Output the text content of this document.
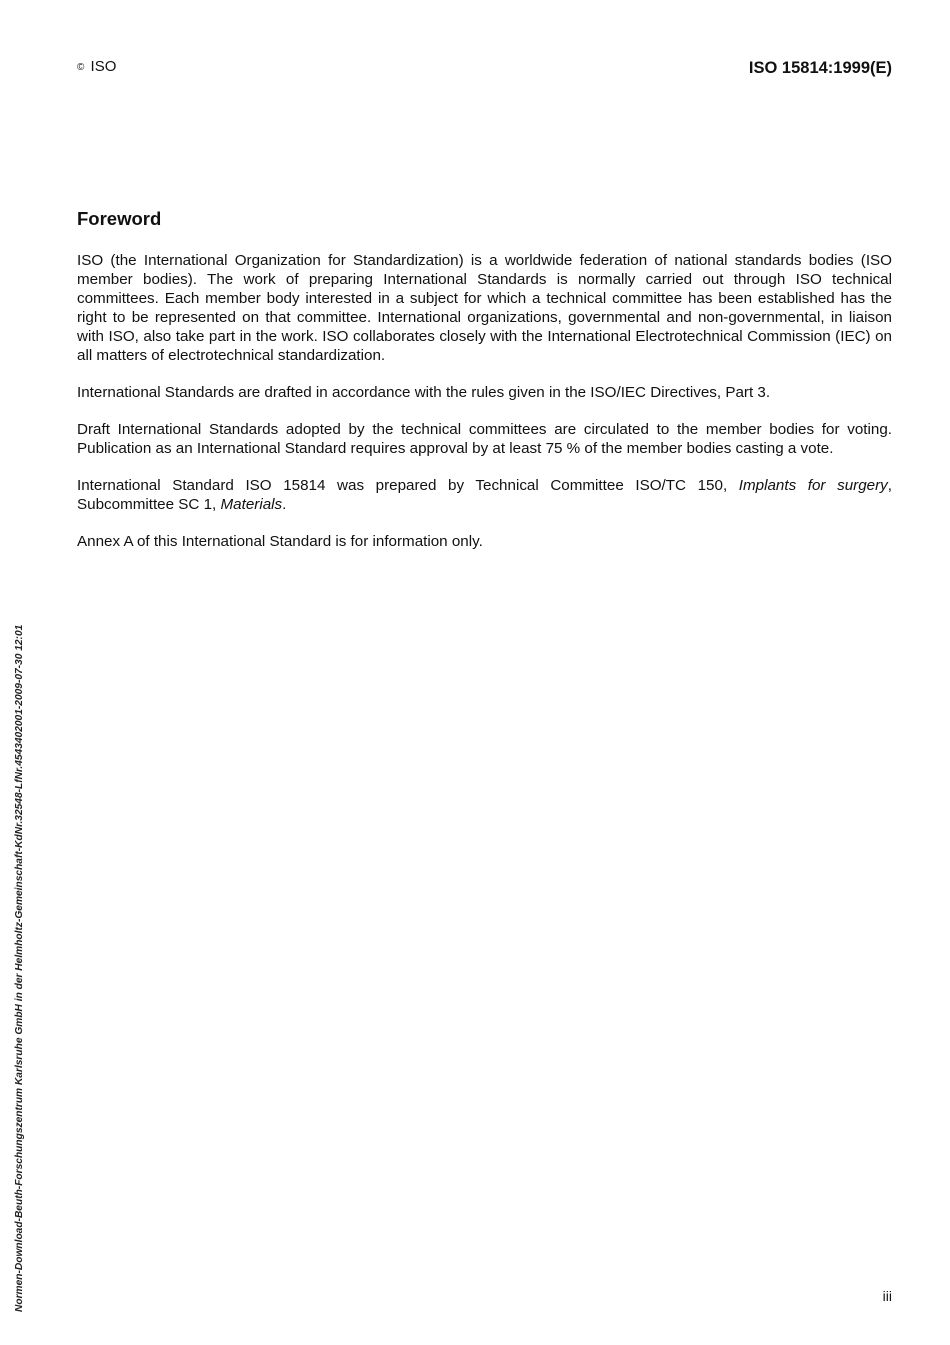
© ISO	ISO 15814:1999(E)
Foreword

ISO (the International Organization for Standardization) is a worldwide federation of national standards bodies (ISO member bodies). The work of preparing International Standards is normally carried out through ISO technical committees. Each member body interested in a subject for which a technical committee has been established has the right to be represented on that committee. International organizations, governmental and non-governmental, in liaison with ISO, also take part in the work. ISO collaborates closely with the International Electrotechnical Commission (IEC) on all matters of electrotechnical standardization.

International Standards are drafted in accordance with the rules given in the ISO/IEC Directives, Part 3.

Draft International Standards adopted by the technical committees are circulated to the member bodies for voting. Publication as an International Standard requires approval by at least 75 % of the member bodies casting a vote.

International Standard ISO 15814 was prepared by Technical Committee ISO/TC 150, Implants for surgery, Subcommittee SC 1, Materials.

Annex A of this International Standard is for information only.

Normen-Download-Beuth-Forschungszentrum Karlsruhe GmbH in der Helmholtz-Gemeinschaft-KdNr.32548-LfNr.4543402001-2009-07-30 12:01	iii
